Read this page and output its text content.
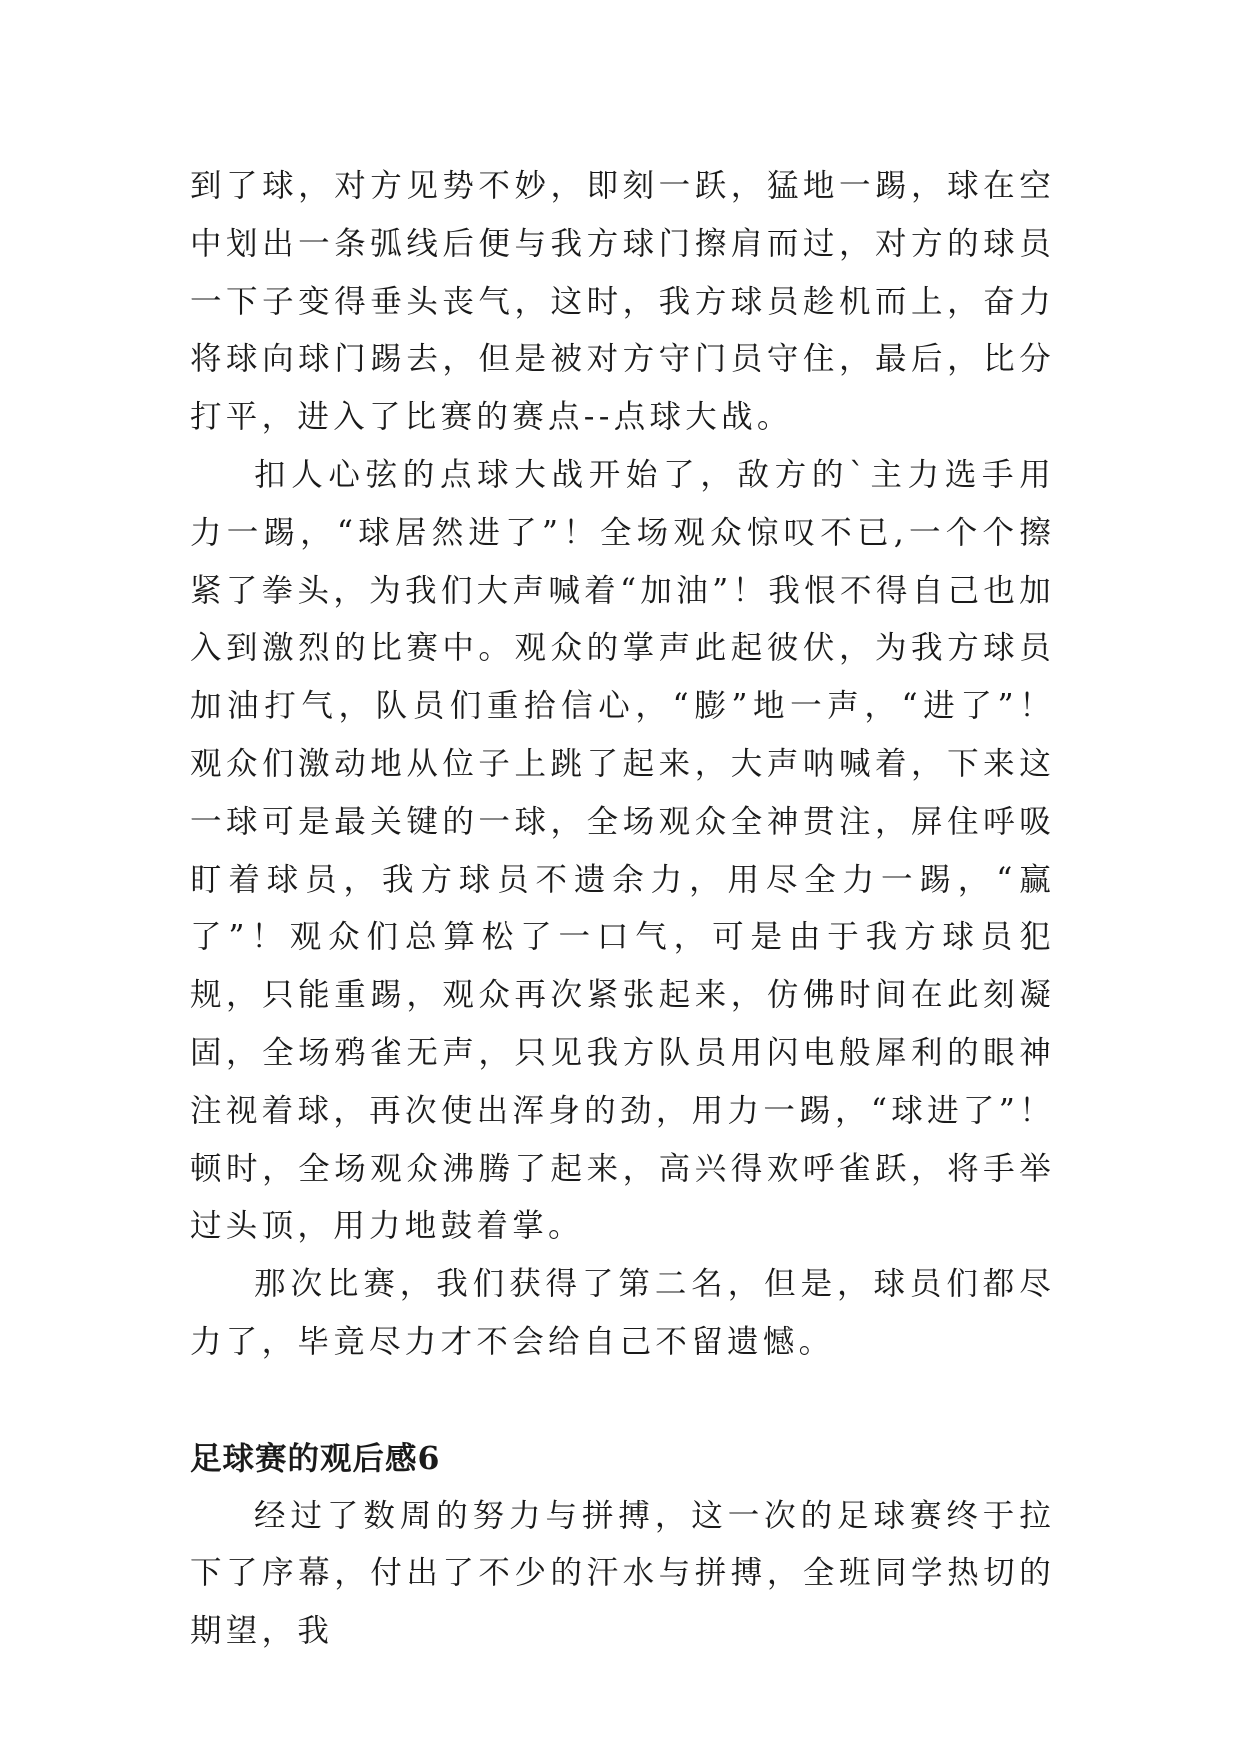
到了球，对方见势不妙，即刻一跃，猛地一踢，球在空中划出一条弧线后便与我方球门擦肩而过，对方的球员一下子变得垂头丧气，这时，我方球员趁机而上，奋力将球向球门踢去，但是被对方守门员守住，最后，比分打平，进入了比赛的赛点--点球大战。

扣人心弦的点球大战开始了，敌方的`主力选手用力一踢，“球居然进了”！全场观众惊叹不已,一个个擦紧了拳头，为我们大声喊着“加油”！我恨不得自己也加入到激烈的比赛中。观众的掌声此起彼伏，为我方球员加油打气，队员们重拾信心，“膨”地一声，“进了”！观众们激动地从位子上跳了起来，大声呐喊着，下来这一球可是最关键的一球，全场观众全神贯注，屏住呼吸盯着球员，我方球员不遗余力，用尽全力一踢，“赢了”！观众们总算松了一口气，可是由于我方球员犯规，只能重踢，观众再次紧张起来，仿佛时间在此刻凝固，全场鸦雀无声，只见我方队员用闪电般犀利的眼神注视着球，再次使出浑身的劲，用力一踢，“球进了”！顿时，全场观众沸腾了起来，高兴得欢呼雀跃，将手举过头顶，用力地鼓着掌。

那次比赛，我们获得了第二名，但是，球员们都尽力了，毕竟尽力才不会给自己不留遗憾。

足球赛的观后感6

经过了数周的努力与拼搏，这一次的足球赛终于拉下了序幕，付出了不少的汗水与拼搏，全班同学热切的期望，我
